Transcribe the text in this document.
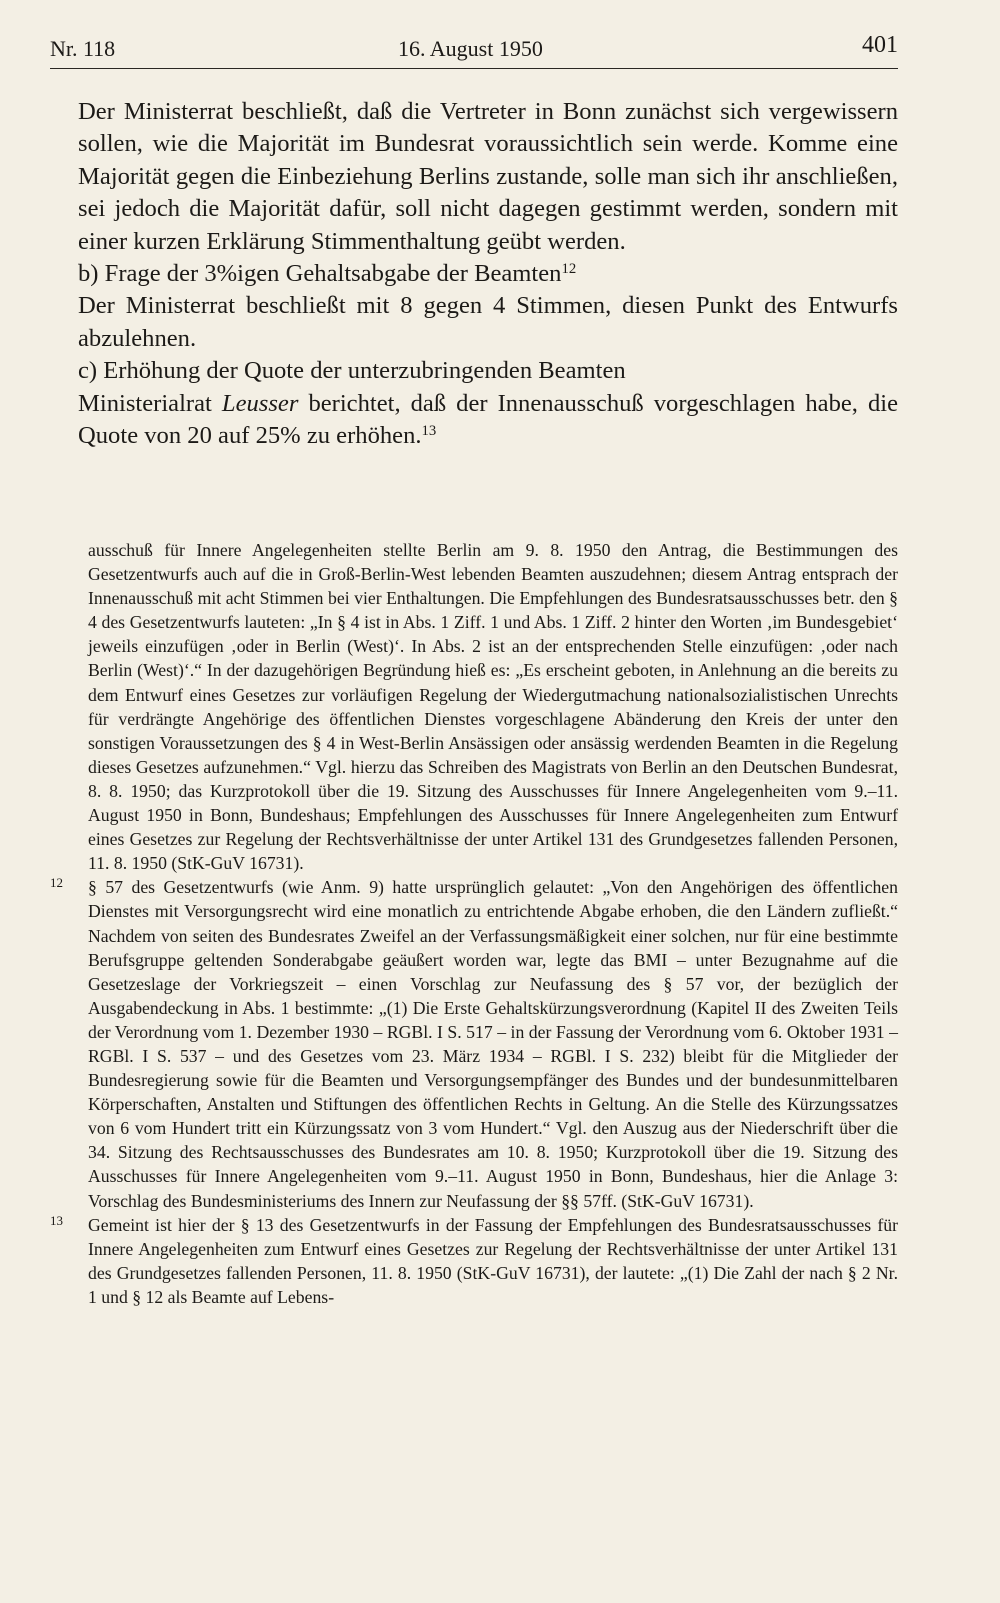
Nr. 118	16. August 1950	401

Der Ministerrat beschließt, daß die Vertreter in Bonn zunächst sich vergewissern sollen, wie die Majorität im Bundesrat voraussichtlich sein werde. Komme eine Majorität gegen die Einbeziehung Berlins zustande, solle man sich ihr anschließen, sei jedoch die Majorität dafür, soll nicht dagegen gestimmt werden, sondern mit einer kurzen Erklärung Stimmenthaltung geübt werden.

b) Frage der 3%igen Gehaltsabgabe der Beamten$^{12}$

Der Ministerrat beschließt mit 8 gegen 4 Stimmen, diesen Punkt des Entwurfs abzulehnen.

c) Erhöhung der Quote der unterzubringenden Beamten

Ministerialrat Leusser berichtet, daß der Innenausschuß vorgeschlagen habe, die Quote von 20 auf 25% zu erhöhen.$^{13}$

ausschuß für Innere Angelegenheiten stellte Berlin am 9. 8. 1950 den Antrag, die Bestimmungen des Gesetzentwurfs auch auf die in Groß-Berlin-West lebenden Beamten auszudehnen; diesem Antrag entsprach der Innenausschuß mit acht Stimmen bei vier Enthaltungen. Die Empfehlungen des Bundesratsausschusses betr. den § 4 des Gesetzentwurfs lauteten: „In § 4 ist in Abs. 1 Ziff. 1 und Abs. 1 Ziff. 2 hinter den Worten ‚im Bundesgebiet‘ jeweils einzufügen ‚oder in Berlin (West)‘. In Abs. 2 ist an der entsprechenden Stelle einzufügen: ‚oder nach Berlin (West)‘.“ In der dazugehörigen Begründung hieß es: „Es erscheint geboten, in Anlehnung an die bereits zu dem Entwurf eines Gesetzes zur vorläufigen Regelung der Wiedergutmachung nationalsozialistischen Unrechts für verdrängte Angehörige des öffentlichen Dienstes vorgeschlagene Abänderung den Kreis der unter den sonstigen Voraussetzungen des § 4 in West-Berlin Ansässigen oder ansässig werdenden Beamten in die Regelung dieses Gesetzes aufzunehmen.“ Vgl. hierzu das Schreiben des Magistrats von Berlin an den Deutschen Bundesrat, 8. 8. 1950; das Kurzprotokoll über die 19. Sitzung des Ausschusses für Innere Angelegenheiten vom 9.–11. August 1950 in Bonn, Bundeshaus; Empfehlungen des Ausschusses für Innere Angelegenheiten zum Entwurf eines Gesetzes zur Regelung der Rechtsverhältnisse der unter Artikel 131 des Grundgesetzes fallenden Personen, 11. 8. 1950 (StK-GuV 16731).

12 § 57 des Gesetzentwurfs (wie Anm. 9) hatte ursprünglich gelautet: „Von den Angehörigen des öffentlichen Dienstes mit Versorgungsrecht wird eine monatlich zu entrichtende Abgabe erhoben, die den Ländern zufließt.“ Nachdem von seiten des Bundesrates Zweifel an der Verfassungsmäßigkeit einer solchen, nur für eine bestimmte Berufsgruppe geltenden Sonderabgabe geäußert worden war, legte das BMI – unter Bezugnahme auf die Gesetzeslage der Vorkriegszeit – einen Vorschlag zur Neufassung des § 57 vor, der bezüglich der Ausgabendeckung in Abs. 1 bestimmte: „(1) Die Erste Gehaltskürzungsverordnung (Kapitel II des Zweiten Teils der Verordnung vom 1. Dezember 1930 – RGBl. I S. 517 – in der Fassung der Verordnung vom 6. Oktober 1931 – RGBl. I S. 537 – und des Gesetzes vom 23. März 1934 – RGBl. I S. 232) bleibt für die Mitglieder der Bundesregierung sowie für die Beamten und Versorgungsempfänger des Bundes und der bundesunmittelbaren Körperschaften, Anstalten und Stiftungen des öffentlichen Rechts in Geltung. An die Stelle des Kürzungssatzes von 6 vom Hundert tritt ein Kürzungssatz von 3 vom Hundert.“ Vgl. den Auszug aus der Niederschrift über die 34. Sitzung des Rechtsausschusses des Bundesrates am 10. 8. 1950; Kurzprotokoll über die 19. Sitzung des Ausschusses für Innere Angelegenheiten vom 9.–11. August 1950 in Bonn, Bundeshaus, hier die Anlage 3: Vorschlag des Bundesministeriums des Innern zur Neufassung der §§ 57ff. (StK-GuV 16731).

13 Gemeint ist hier der § 13 des Gesetzentwurfs in der Fassung der Empfehlungen des Bundesratsausschusses für Innere Angelegenheiten zum Entwurf eines Gesetzes zur Regelung der Rechtsverhältnisse der unter Artikel 131 des Grundgesetzes fallenden Personen, 11. 8. 1950 (StK-GuV 16731), der lautete: „(1) Die Zahl der nach § 2 Nr. 1 und § 12 als Beamte auf Lebens-
